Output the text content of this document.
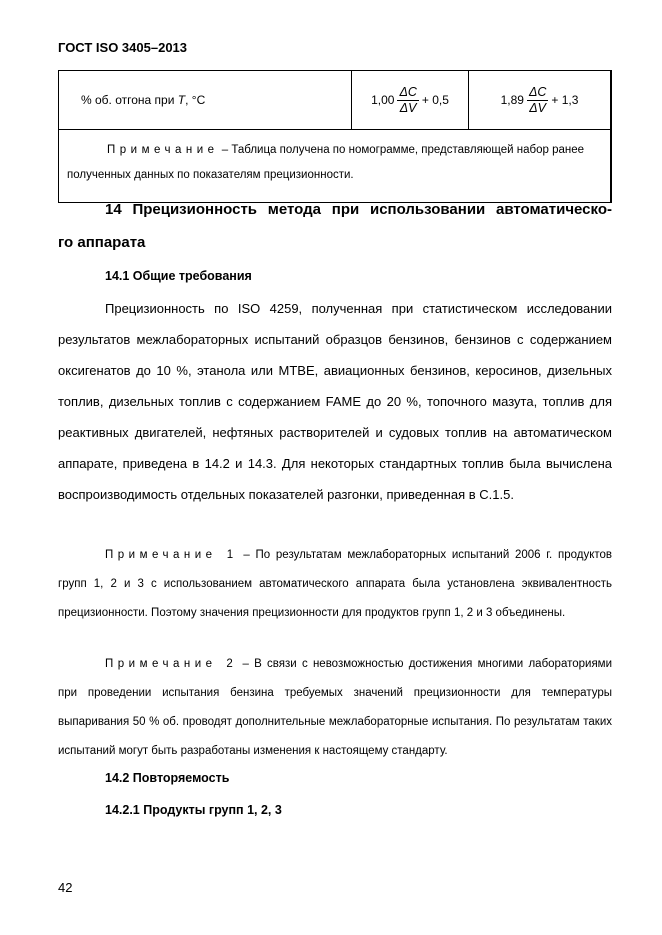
ГОСТ ISO 3405–2013
% об. отгона при T, °C	$1,00 \frac{\Delta C}{\Delta V} + 0,5$	$1,89 \frac{\Delta C}{\Delta V} + 1,3$

Примечание – Таблица получена по номограмме, представляющей набор ранее полученных данных по показателям прецизионности.
14 Прецизионность метода при использовании автоматическо-
го аппарата
14.1 Общие требования

Прецизионность по ISO 4259, полученная при статистическом исследовании результатов межлабораторных испытаний образцов бензинов, бензинов с содержанием оксигенатов до 10 %, этанола или МТВЕ, авиационных бензинов, керосинов, дизельных топлив, дизельных топлив с содержанием FAME до 20 %, топочного мазута, топлив для реактивных двигателей, нефтяных растворителей и судовых топлив на автоматическом аппарате, приведена в 14.2 и 14.3. Для некоторых стандартных топлив была вычислена воспроизводимость отдельных показателей разгонки, приведенная в С.1.5.

Примечание 1 – По результатам межлабораторных испытаний 2006 г. продуктов групп 1, 2 и 3 с использованием автоматического аппарата была установлена эквивалентность прецизионности. Поэтому значения прецизионности для продуктов групп 1, 2 и 3 объединены.

Примечание 2 – В связи с невозможностью достижения многими лабораториями при проведении испытания бензина требуемых значений прецизионности для температуры выпаривания 50 % об. проводят дополнительные межлабораторные испытания. По результатам таких испытаний могут быть разработаны изменения к настоящему стандарту.

14.2 Повторяемость
14.2.1 Продукты групп 1, 2, 3
42
